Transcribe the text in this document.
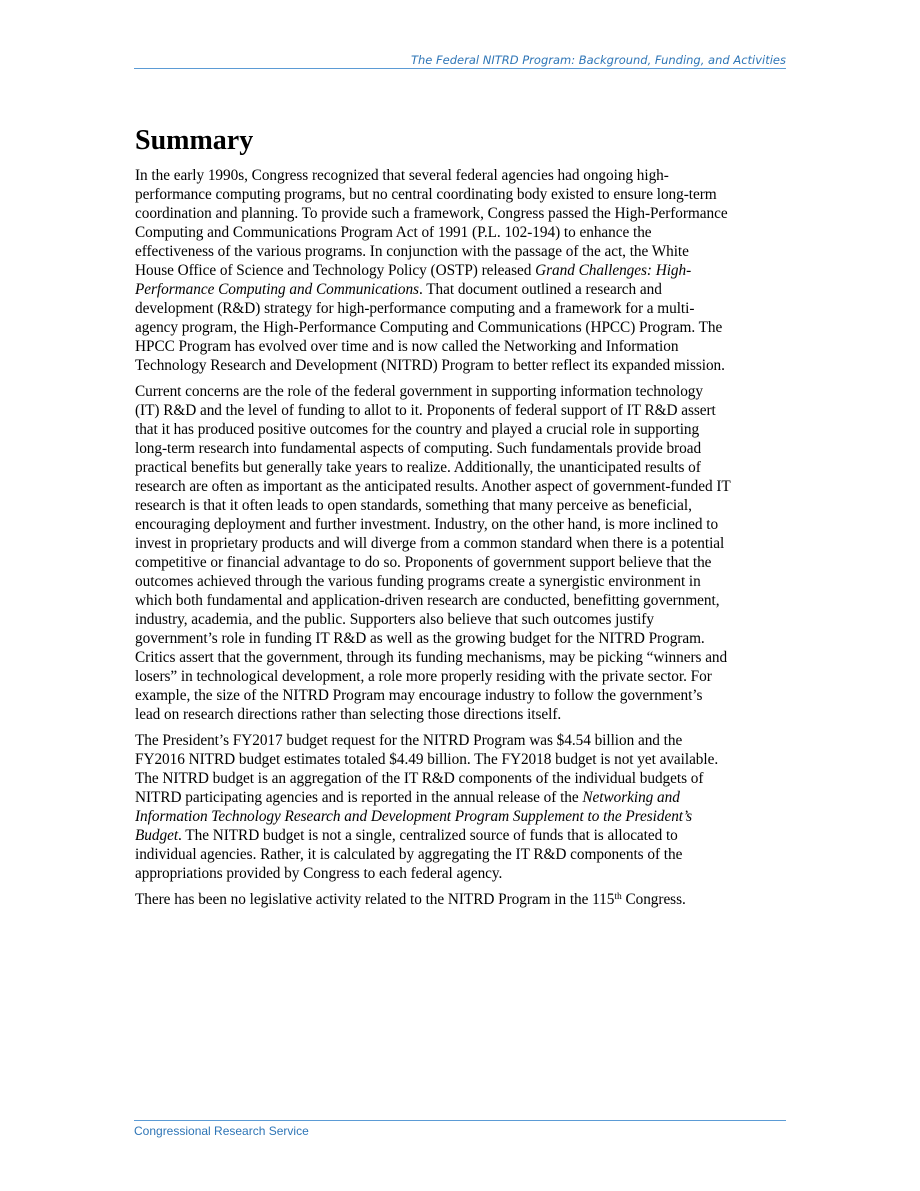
The Federal NITRD Program: Background, Funding, and Activities
Summary

In the early 1990s, Congress recognized that several federal agencies had ongoing high-
performance computing programs, but no central coordinating body existed to ensure long-term
coordination and planning. To provide such a framework, Congress passed the High-Performance
Computing and Communications Program Act of 1991 (P.L. 102-194) to enhance the
effectiveness of the various programs. In conjunction with the passage of the act, the White
House Office of Science and Technology Policy (OSTP) released Grand Challenges: High-
Performance Computing and Communications. That document outlined a research and
development (R&D) strategy for high-performance computing and a framework for a multi-
agency program, the High-Performance Computing and Communications (HPCC) Program. The
HPCC Program has evolved over time and is now called the Networking and Information
Technology Research and Development (NITRD) Program to better reflect its expanded mission.

Current concerns are the role of the federal government in supporting information technology
(IT) R&D and the level of funding to allot to it. Proponents of federal support of IT R&D assert
that it has produced positive outcomes for the country and played a crucial role in supporting
long-term research into fundamental aspects of computing. Such fundamentals provide broad
practical benefits but generally take years to realize. Additionally, the unanticipated results of
research are often as important as the anticipated results. Another aspect of government-funded IT
research is that it often leads to open standards, something that many perceive as beneficial,
encouraging deployment and further investment. Industry, on the other hand, is more inclined to
invest in proprietary products and will diverge from a common standard when there is a potential
competitive or financial advantage to do so. Proponents of government support believe that the
outcomes achieved through the various funding programs create a synergistic environment in
which both fundamental and application-driven research are conducted, benefitting government,
industry, academia, and the public. Supporters also believe that such outcomes justify
government’s role in funding IT R&D as well as the growing budget for the NITRD Program.
Critics assert that the government, through its funding mechanisms, may be picking “winners and
losers” in technological development, a role more properly residing with the private sector. For
example, the size of the NITRD Program may encourage industry to follow the government’s
lead on research directions rather than selecting those directions itself.

The President’s FY2017 budget request for the NITRD Program was $4.54 billion and the
FY2016 NITRD budget estimates totaled $4.49 billion. The FY2018 budget is not yet available.
The NITRD budget is an aggregation of the IT R&D components of the individual budgets of
NITRD participating agencies and is reported in the annual release of the Networking and
Information Technology Research and Development Program Supplement to the President’s
Budget. The NITRD budget is not a single, centralized source of funds that is allocated to
individual agencies. Rather, it is calculated by aggregating the IT R&D components of the
appropriations provided by Congress to each federal agency.

There has been no legislative activity related to the NITRD Program in the 115th Congress.

Congressional Research Service
